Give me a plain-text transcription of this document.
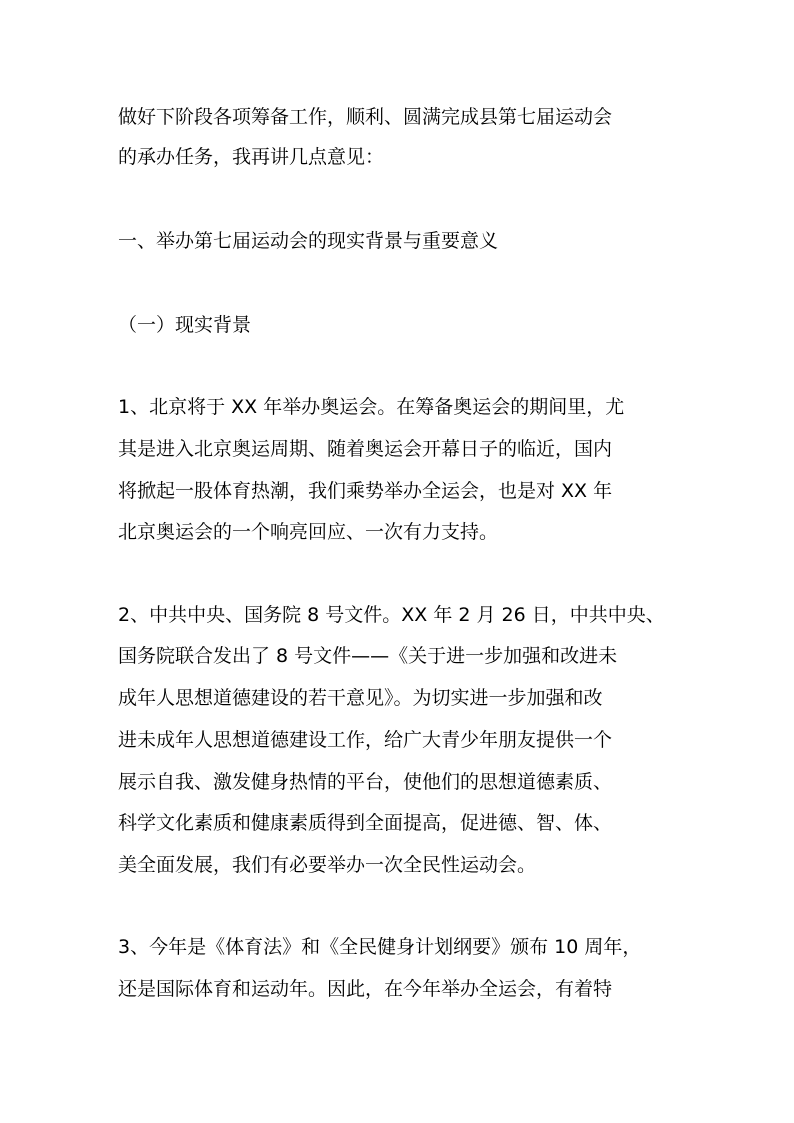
做好下阶段各项筹备工作，顺利、圆满完成县第七届运动会
的承办任务，我再讲几点意见：
一、举办第七届运动会的现实背景与重要意义
（一）现实背景
1、北京将于 XX 年举办奥运会。在筹备奥运会的期间里，尤
其是进入北京奥运周期、随着奥运会开幕日子的临近，国内
将掀起一股体育热潮，我们乘势举办全运会，也是对 XX 年
北京奥运会的一个响亮回应、一次有力支持。
2、中共中央、国务院 8 号文件。XX 年 2 月 26 日，中共中央、
国务院联合发出了 8 号文件——《关于进一步加强和改进未
成年人思想道德建设的若干意见》。为切实进一步加强和改
进未成年人思想道德建设工作，给广大青少年朋友提供一个
展示自我、激发健身热情的平台，使他们的思想道德素质、
科学文化素质和健康素质得到全面提高，促进德、智、体、
美全面发展，我们有必要举办一次全民性运动会。
3、今年是《体育法》和《全民健身计划纲要》颁布 10 周年，
还是国际体育和运动年。因此，在今年举办全运会，有着特
